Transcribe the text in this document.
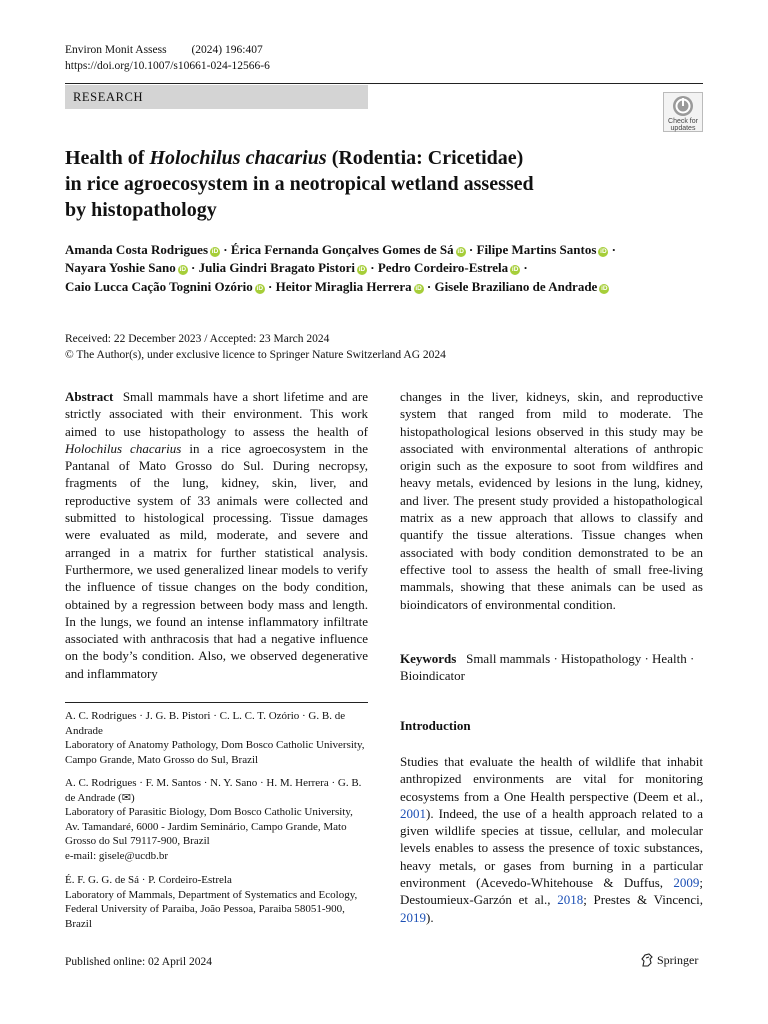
Environ Monit Assess (2024) 196:407
https://doi.org/10.1007/s10661-024-12566-6
RESEARCH
Check for
updates
Health of Holochilus chacarius (Rodentia: Cricetidae)
in rice agroecosystem in a neotropical wetland assessed
by histopathology
Amanda Costa Rodrigues iD · Érica Fernanda Gonçalves Gomes de Sá iD · Filipe Martins Santos iD ·
Nayara Yoshie Sano iD · Julia Gindri Bragato Pistori iD · Pedro Cordeiro-Estrela iD ·
Caio Lucca Cação Tognini Ozório iD · Heitor Miraglia Herrera iD · Gisele Braziliano de Andrade iD
Received: 22 December 2023 / Accepted: 23 March 2024
© The Author(s), under exclusive licence to Springer Nature Switzerland AG 2024
Abstract Small mammals have a short lifetime and are strictly associated with their environment. This work aimed to use histopathology to assess the health of Holochilus chacarius in a rice agroecosystem in the Pantanal of Mato Grosso do Sul. During necropsy, fragments of the lung, kidney, skin, liver, and reproductive system of 33 animals were collected and submitted to histological processing. Tissue damages were evaluated as mild, moderate, and severe and arranged in a matrix for further statistical analysis. Furthermore, we used generalized linear models to verify the influence of tissue changes on the body condition, obtained by a regression between body mass and length. In the lungs, we found an intense inflammatory infiltrate associated with anthracosis that had a negative influence on the body’s condition. Also, we observed degenerative and inflammatory
changes in the liver, kidneys, skin, and reproductive system that ranged from mild to moderate. The histopathological lesions observed in this study may be associated with environmental alterations of anthropic origin such as the exposure to soot from wildfires and heavy metals, evidenced by lesions in the lung, kidney, and liver. The present study provided a histopathological matrix as a new approach that allows to classify and quantify the tissue alterations. Tissue changes when associated with body condition demonstrated to be an effective tool to assess the health of small free-living mammals, showing that these animals can be used as bioindicators of environmental condition.
Keywords Small mammals · Histopathology · Health · Bioindicator
A. C. Rodrigues · J. G. B. Pistori · C. L. C. T. Ozório · G. B. de Andrade
Laboratory of Anatomy Pathology, Dom Bosco Catholic University, Campo Grande, Mato Grosso do Sul, Brazil
A. C. Rodrigues · F. M. Santos · N. Y. Sano · H. M. Herrera · G. B. de Andrade (✉)
Laboratory of Parasitic Biology, Dom Bosco Catholic University, Av. Tamandaré, 6000 - Jardim Seminário, Campo Grande, Mato Grosso do Sul 79117-900, Brazil
e-mail: gisele@ucdb.br
É. F. G. G. de Sá · P. Cordeiro-Estrela
Laboratory of Mammals, Department of Systematics and Ecology, Federal University of Paraiba, João Pessoa, Paraiba 58051-900, Brazil
Introduction
Studies that evaluate the health of wildlife that inhabit anthropized environments are vital for monitoring ecosystems from a One Health perspective (Deem et al., 2001). Indeed, the use of a health approach related to a given wildlife species at tissue, cellular, and molecular levels enables to assess the presence of toxic substances, heavy metals, or gases from burning in a particular environment (Acevedo-Whitehouse & Duffus, 2009; Destoumieux-Garzón et al., 2018; Prestes & Vincenci, 2019).
Published online: 02 April 2024	Springer
